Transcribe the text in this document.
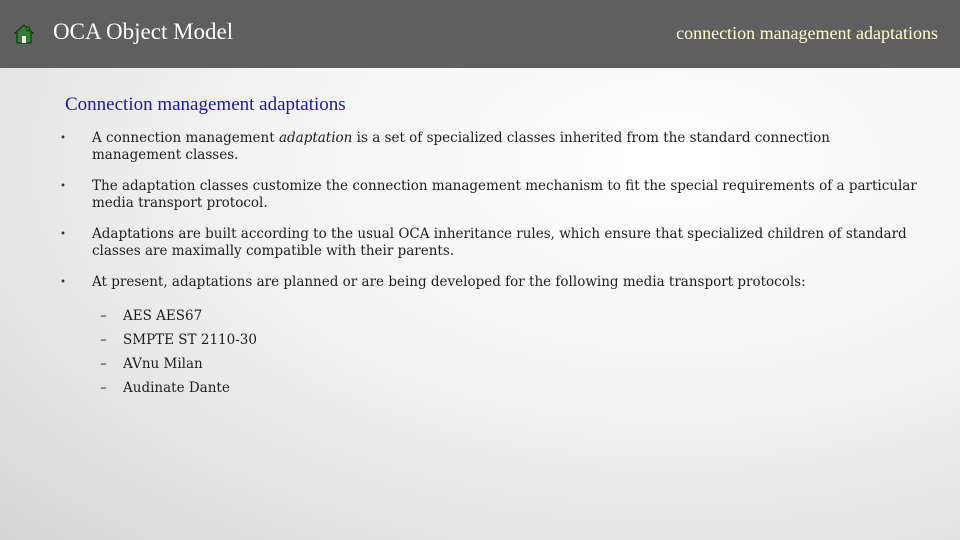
OCA Object Model	connection management adaptations
Connection management adaptations
• A connection management adaptation is a set of specialized classes inherited from the standard connection management classes.
• The adaptation classes customize the connection management mechanism to fit the special requirements of a particular media transport protocol.
• Adaptations are built according to the usual OCA inheritance rules, which ensure that specialized children of standard classes are maximally compatible with their parents.
• At present, adaptations are planned or are being developed for the following media transport protocols:
– AES AES67
– SMPTE ST 2110-30
– AVnu Milan
– Audinate Dante
